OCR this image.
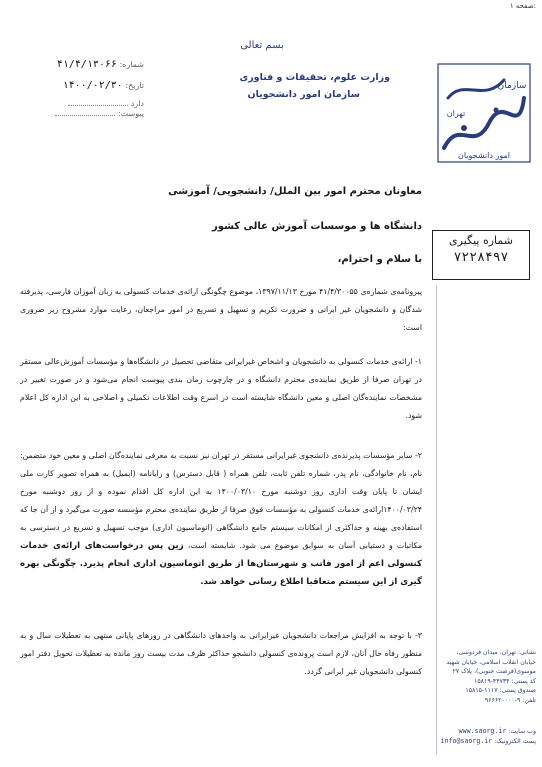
صفحه ۱:
بسم تعالی
وزارت علوم، تحقیقات و فناوری
سازمان امور دانشجویان
سازمان
امور دانشجویان
تهران
شماره: ۴۱/۴/۱۳۰۶۶
تاریخ: ۱۴۰۰/۰۲/۳۰
دارد
پیوست:
شماره پیگیری
۷۲۲۸۴۹۷
معاونان محترم امور بین الملل/ دانشجویی/ آموزشی
دانشگاه ها و موسسات آموزش عالی کشور
با سلام و احترام،
پیرونامه‌ی شماره‌ی ۴۱/۴/۳۰۰۵۵ مورخ ۱۳۹۷/۱۱/۱۳، موضوع چگونگی ارائه‌ی خدمات کنسولی به زبان آموزان فارسی، پذیرفته شدگان و دانشجویان غیر ایرانی و ضرورت تکریم و تسهیل و تسریع در امور مراجعان، رعایت موارد مشروح زیر ضروری است:
۱- ارائه‌ی خدمات کنسولی به دانشجویان و اشخاص غیرایرانی متقاضی تحصیل در دانشگاه‌ها و مؤسسات آموزش‌عالی مستقر در تهران صرفا از طریق نماینده‌ی محترم دانشگاه و در چارچوب زمان بندی پیوست انجام می‌شود و در صورت تغییر در مشخصات نماینده‌گان اصلی و معین دانشگاه شایسته است در اسرع وقت اطلاعات تکمیلی و اصلاحی به این اداره کل اعلام شود.
۲- سایر مؤسسات پذیرنده‌ی دانشجوی غیرایرانی مستقر در تهران نیز نسبت به معرفی نماینده‌گان اصلی و معین خود متضمن: نام، نام خانوادگی، نام پدر، شماره تلفن ثابت، تلفن همراه ( قابل دسترس) و رایانامه (ایمیل) به همراه تصویر کارت ملی ایشان تا پایان وقت اداری روز دوشنبه مورخ ۱۴۰۰/۰۳/۱۰ به این اداره کل اقدام نموده و از روز دوشنبه مورخ ۱۴۰۰/۰۳/۲۴ارائه‌ی خدمات کنسولی به مؤسسات فوق صرفا از طریق نماینده‌ی محترم مؤسسه صورت می‌گیرد و از آن جا که استفاده‌ی بهینه و حداکثری از امکانات سیستم جامع دانشگاهی (اتوماسیون اداری) موجب تسهیل و تسریع در دسترسی به مکاتبات و دستیابی آسان به سوابق موضوع می شود. شایسته است، زین پس درخواست‌های ارائه‌ی خدمات کنسولی اعم از امور فاتب و شهرستان‌ها از طریق اتوماسیون اداری انجام پذیرد. چگونگی بهره گیری از این سیستم متعاقبا اطلاع رسانی خواهد شد.
۳- با توجه به افزایش مراجعات دانشجویان غیرایرانی به واحدهای دانشگاهی در روزهای پایانی منتهی به تعطیلات سال و به منظور رفاه حال آنان، لازم است پرونده‌ی کنسولی دانشجو حداکثر ظرف مدت بیست روز مانده به تعطیلات تحویل دفتر امور کنسولی دانشجویان غیر ایرانی گردد.
نشانی: تهران، میدان فردوسی، خیابان انقلاب اسلامی، خیابان شهید موسوی(فرصت جنوبی)، پلاک ۲۷
کد پستی: ۴۴۷۳۴-۱۵۸۱۹
صندوق پستی: ۱۱۱۷-۱۵۸۱۵
تلفن: ۹-۹۶۶۶۲۰۰۰۰
وب سایت: www.saorg.ir
پست الکترونیک: info@saorg.ir
